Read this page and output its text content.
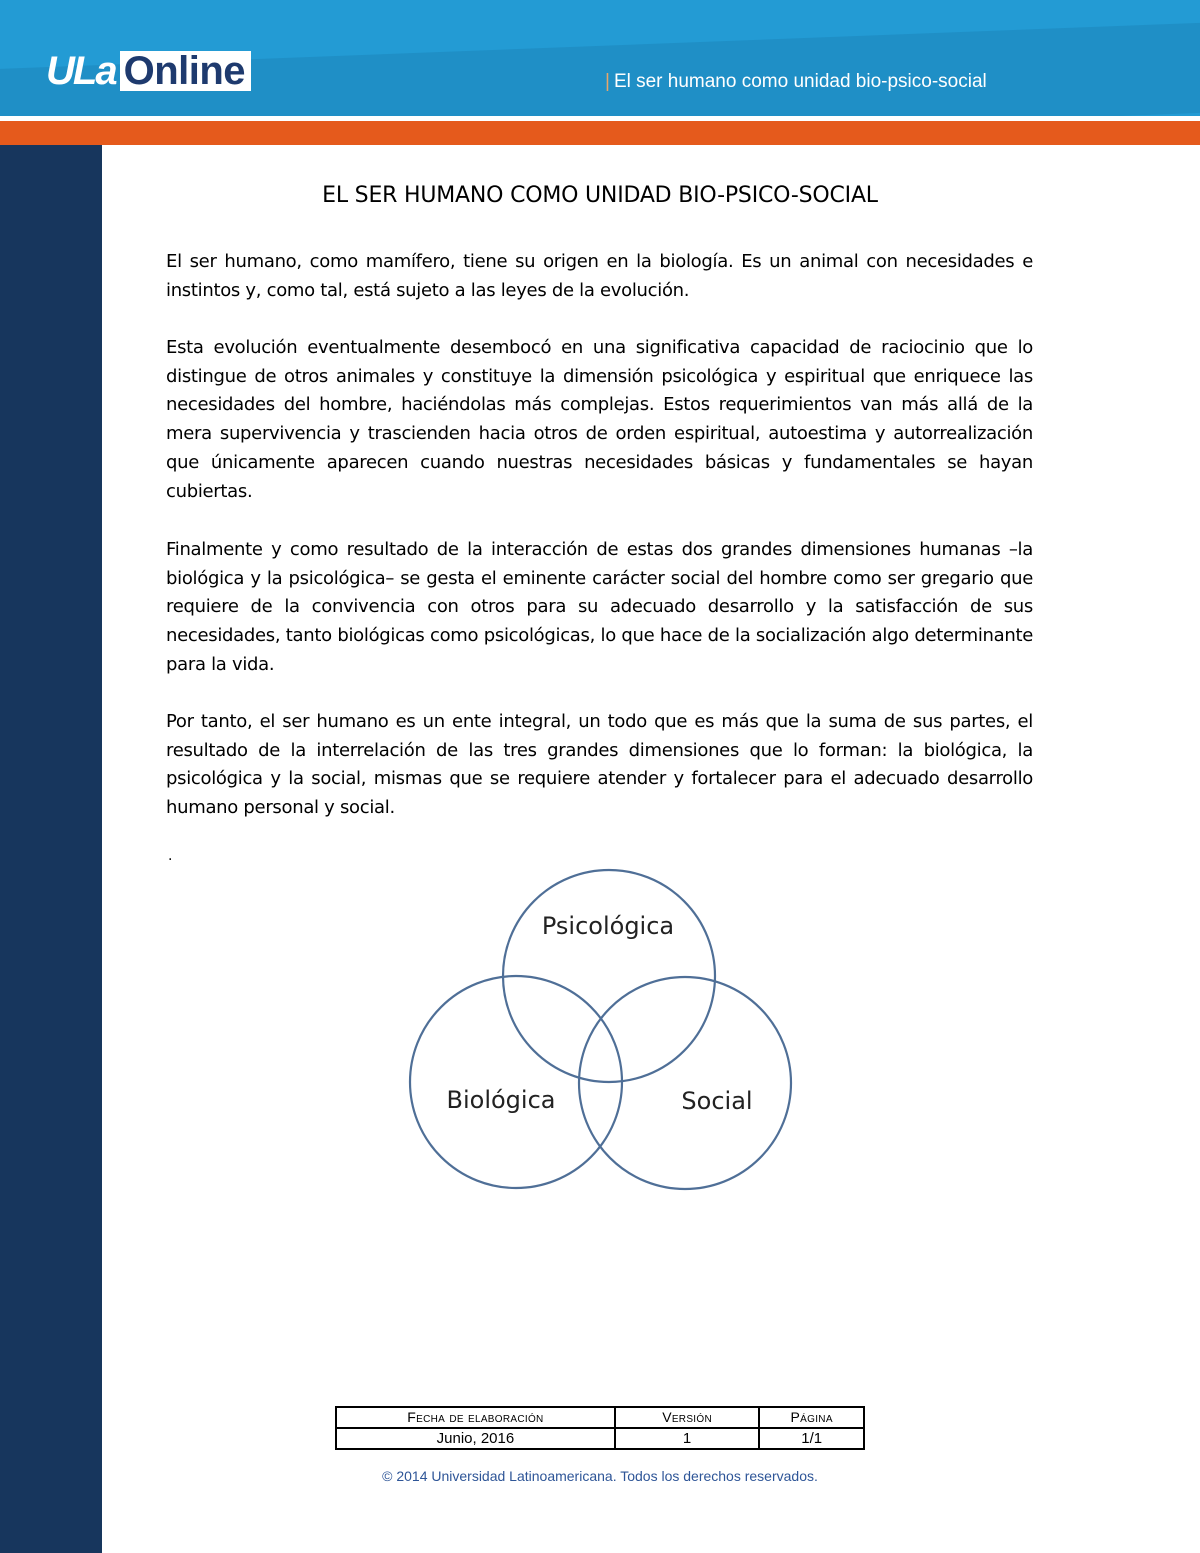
ULa Online	| El ser humano como unidad bio-psico-social
EL SER HUMANO COMO UNIDAD BIO-PSICO-SOCIAL

El ser humano, como mamífero, tiene su origen en la biología. Es un animal con necesidades e instintos y, como tal, está sujeto a las leyes de la evolución.

Esta evolución eventualmente desembocó en una significativa capacidad de raciocinio que lo distingue de otros animales y constituye la dimensión psicológica y espiritual que enriquece las necesidades del hombre, haciéndolas más complejas. Estos requerimientos van más allá de la mera supervivencia y trascienden hacia otros de orden espiritual, autoestima y autorrealización que únicamente aparecen cuando nuestras necesidades básicas y fundamentales se hayan cubiertas.

Finalmente y como resultado de la interacción de estas dos grandes dimensiones humanas –la biológica y la psicológica– se gesta el eminente carácter social del hombre como ser gregario que requiere de la convivencia con otros para su adecuado desarrollo y la satisfacción de sus necesidades, tanto biológicas como psicológicas, lo que hace de la socialización algo determinante para la vida.

Por tanto, el ser humano es un ente integral, un todo que es más que la suma de sus partes, el resultado de la interrelación de las tres grandes dimensiones que lo forman: la biológica, la psicológica y la social, mismas que se requiere atender y fortalecer para el adecuado desarrollo humano personal y social.

.
Psicológica
Biológica	Social
Fecha de elaboración	Versión	Página
Junio, 2016	1	1/1
© 2014 Universidad Latinoamericana. Todos los derechos reservados.
